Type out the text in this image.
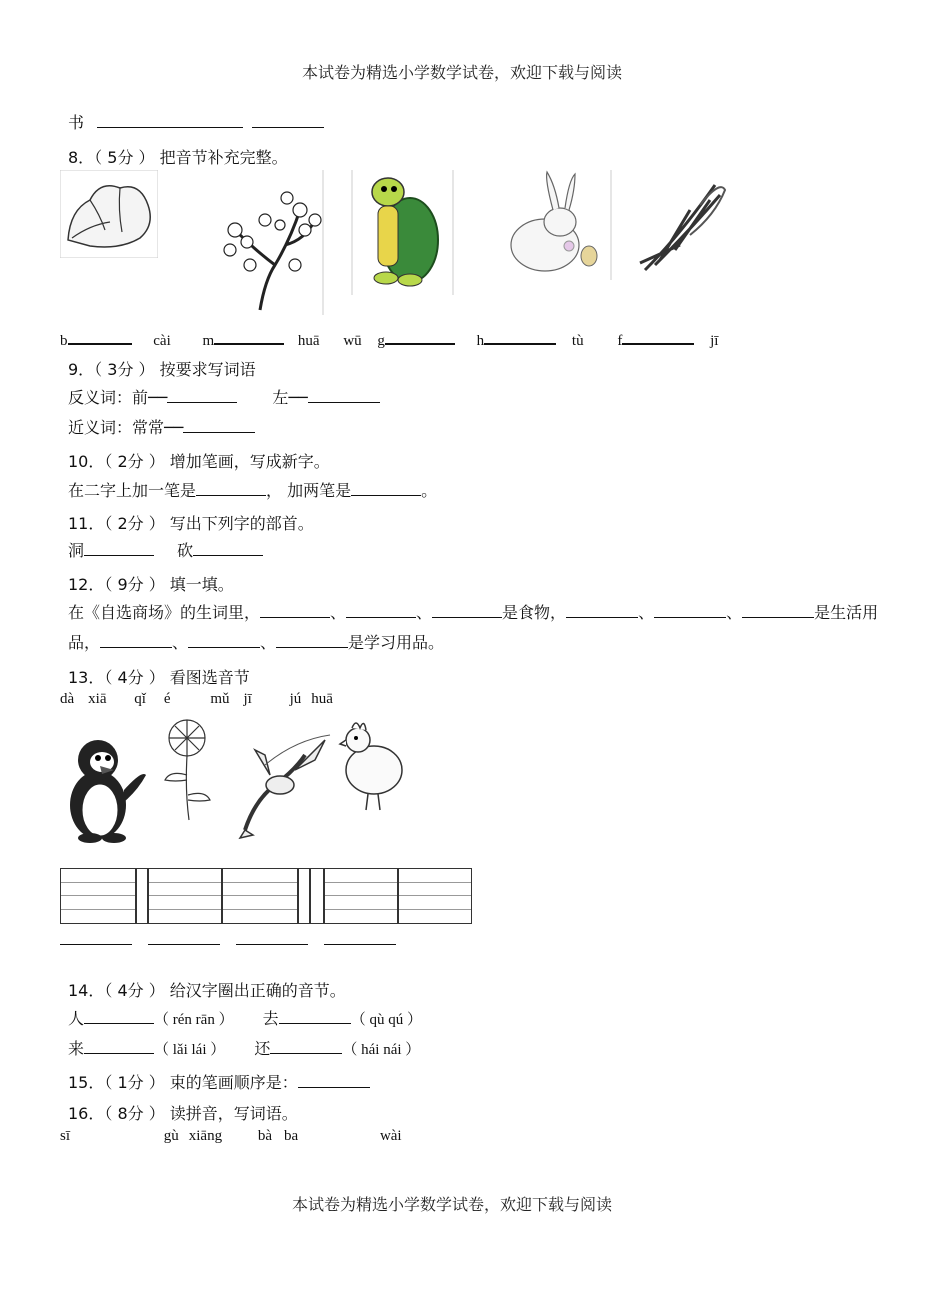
本试卷为精选小学数学试卷，欢迎下载与阅读
书
8．（ 5分 ） 把音节补充完整。
b	cài m	huā wū g	h	tù f	jī
9．（ 3分 ） 按要求写词语
反义词：前──	左──
近义词：常常──
10．（ 2分 ） 增加笔画，写成新字。
在二字上加一笔是	， 加两笔是	。
11．（ 2分 ） 写出下列字的部首。
洞	砍
12．（ 9分 ） 填一填。
在《自选商场》的生词里，	、	、	是食物，	、	、	是生活用
品，	、	、	是学习用品。
13．（ 4分 ） 看图选音节
dà xiā qǐ é	mǔ jī	jú huā
14．（ 4分 ） 给汉字圈出正确的音节。
人	（ rén rān ） 去	（ qù qú ）
来	（ lǎi lái ） 还	（ hái nái ）
15．（ 1分 ） 束的笔画顺序是：
16．（ 8分 ） 读拼音，写词语。
sī	gù xiāng bà ba	wài
本试卷为精选小学数学试卷，欢迎下载与阅读
